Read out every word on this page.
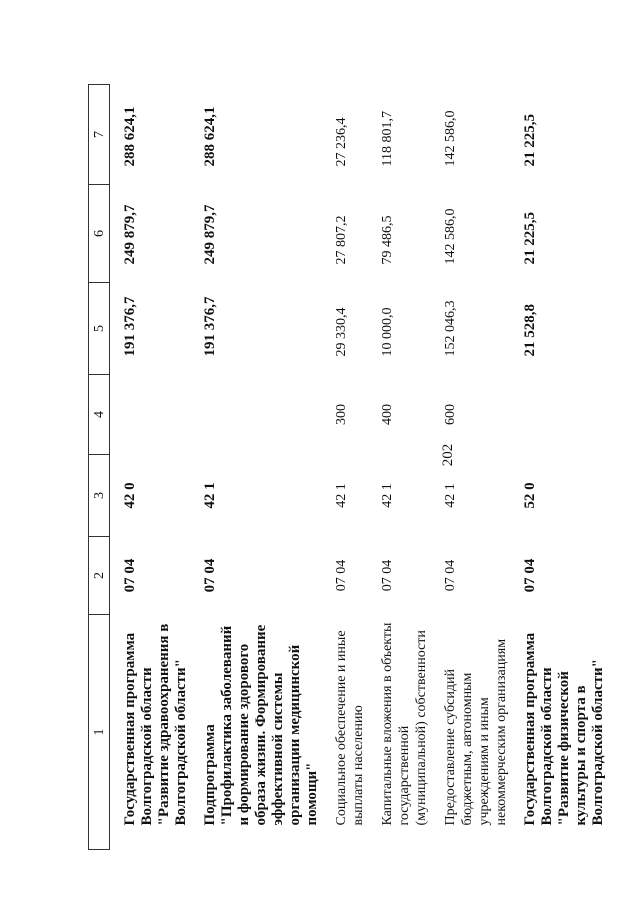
202
1	2	3	4	5	6	7
Государственная программа Волгоградской области "Развитие здравоохранения в Волгоградской области"	07 04	42 0		191 376,7	249 879,7	288 624,1
Подпрограмма "Профилактика заболеваний и формирование здорового образа жизни. Формирование эффективной системы организации медицинской помощи"	07 04	42 1		191 376,7	249 879,7	288 624,1
Социальное обеспечение и иные выплаты населению	07 04	42 1	300	29 330,4	27 807,2	27 236,4
Капитальные вложения в объекты государственной (муниципальной) собственности	07 04	42 1	400	10 000,0	79 486,5	118 801,7
Предоставление субсидий бюджетным, автономным учреждениям и иным некоммерческим организациям	07 04	42 1	600	152 046,3	142 586,0	142 586,0
Государственная программа Волгоградской области "Развитие физической культуры и спорта в Волгоградской области"	07 04	52 0		21 528,8	21 225,5	21 225,5
